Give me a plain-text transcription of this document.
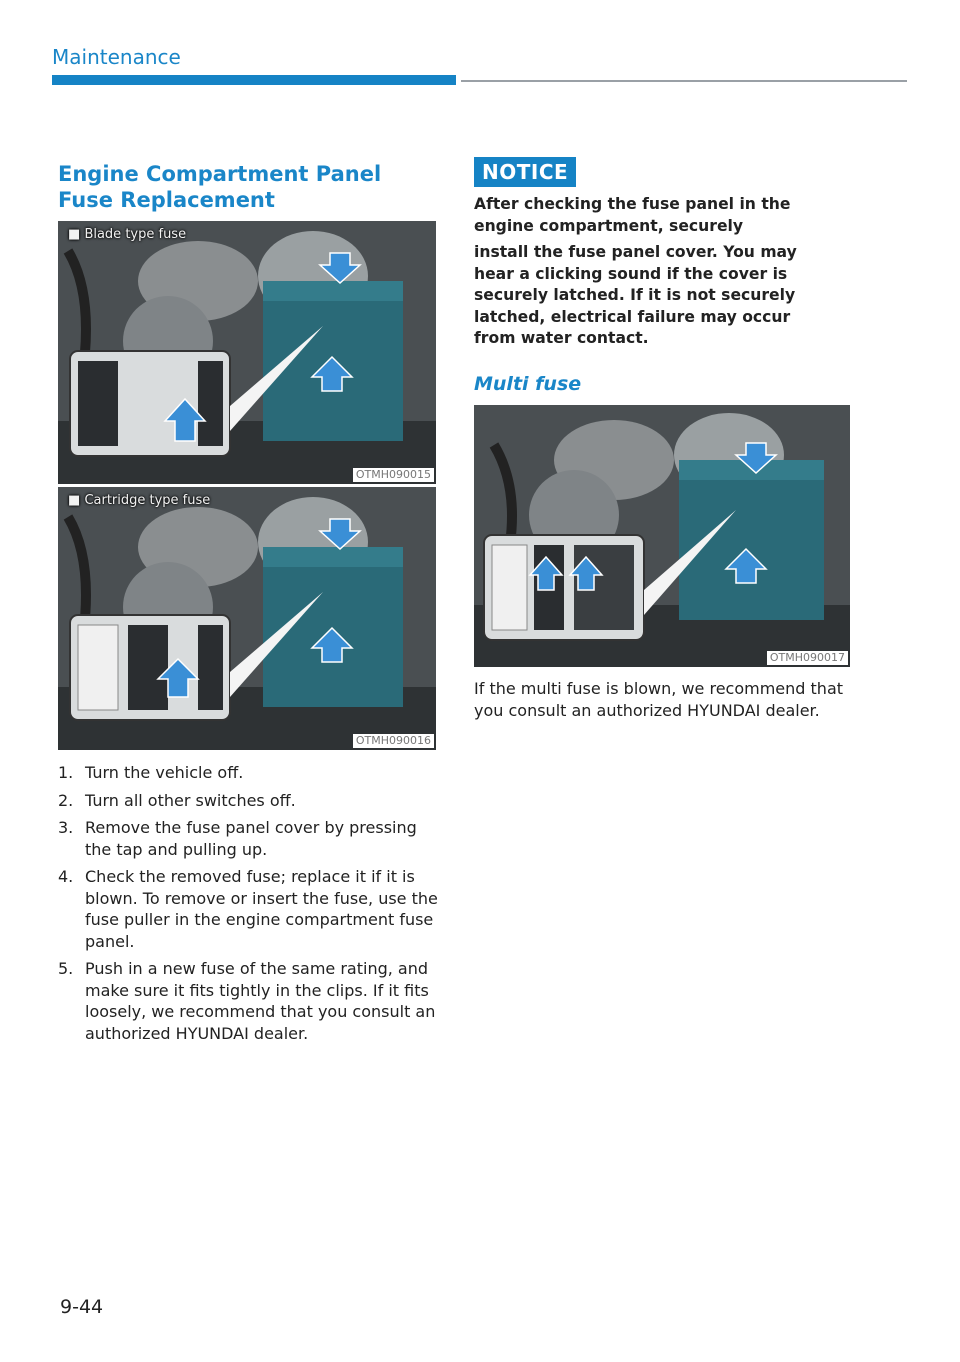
Maintenance
Engine Compartment Panel Fuse Replacement
■ Blade type fuse
OTMH090015
■ Cartridge type fuse
OTMH090016
1. Turn the vehicle off.
2. Turn all other switches off.
3. Remove the fuse panel cover by pressing the tap and pulling up.
4. Check the removed fuse; replace it if it is blown. To remove or insert the fuse, use the fuse puller in the engine compartment fuse panel.
5. Push in a new fuse of the same rating, and make sure it fits tightly in the clips. If it fits loosely, we recommend that you consult an authorized HYUNDAI dealer.
NOTICE

After checking the fuse panel in the engine compartment, securely

install the fuse panel cover. You may hear a clicking sound if the cover is securely latched. If it is not securely latched, electrical failure may occur from water contact.

Multi fuse
OTMH090017
If the multi fuse is blown, we recommend that you consult an authorized HYUNDAI dealer.
9-44
